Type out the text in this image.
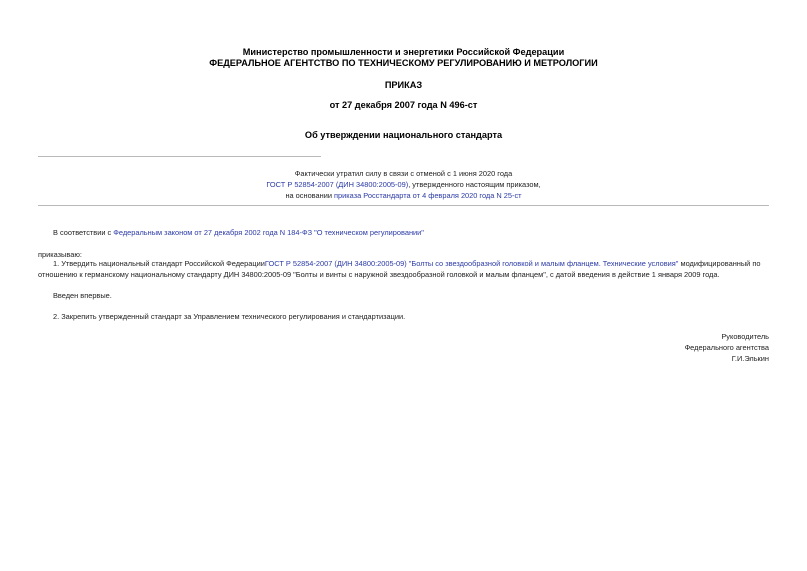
Министерство промышленности и энергетики Российской Федерации
ФЕДЕРАЛЬНОЕ АГЕНТСТВО ПО ТЕХНИЧЕСКОМУ РЕГУЛИРОВАНИЮ И МЕТРОЛОГИИ
ПРИКАЗ
от 27 декабря 2007 года N 496-ст
Об утверждении национального стандарта
Фактически утратил силу в связи с отменой с 1 июня 2020 года
ГОСТ Р 52854-2007 (ДИН 34800:2005-09), утвержденного настоящим приказом,
на основании приказа Росстандарта от 4 февраля 2020 года N 25-ст
В соответствии с Федеральным законом от 27 декабря 2002 года N 184-ФЗ "О техническом регулировании"
приказываю:
1. Утвердить национальный стандарт Российской ФедерацииГОСТ Р 52854-2007 (ДИН 34800:2005-09) "Болты со звездообразной головкой и малым фланцем. Технические условия" модифицированный по
отношению к германскому национальному стандарту ДИН 34800:2005-09 "Болты и винты с наружной звездообразной головкой и малым фланцем", с датой введения в действие 1 января 2009 года.
Введен впервые.
2. Закрепить утвержденный стандарт за Управлением технического регулирования и стандартизации.
Руководитель
Федерального агентства
Г.И.Элькин
